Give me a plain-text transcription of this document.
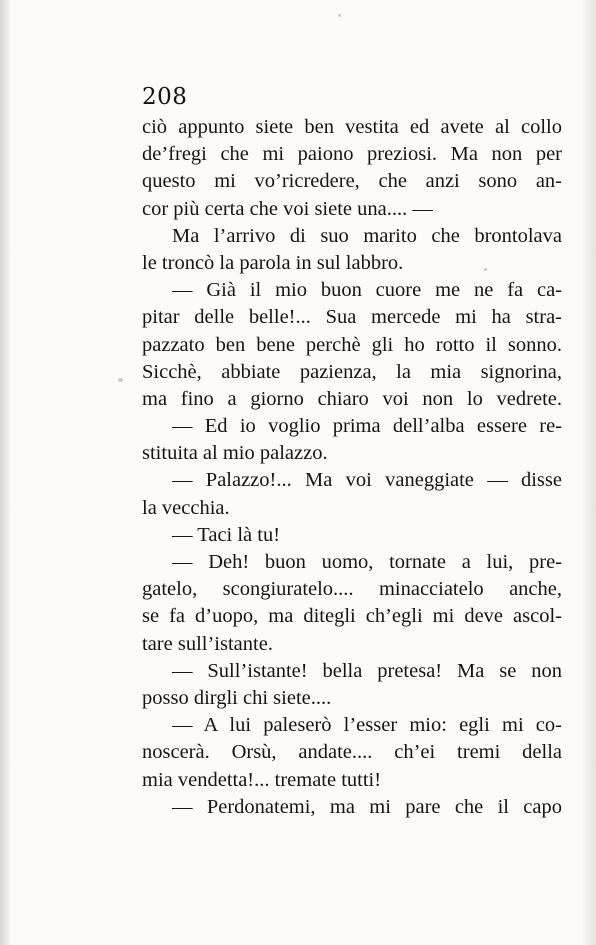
208
ciò appunto siete ben vestita ed avete al collo
de’fregi che mi paiono preziosi. Ma non per
questo mi vo’ricredere, che anzi sono an-
cor più certa che voi siete una.... —
Ma l’arrivo di suo marito che brontolava
le troncò la parola in sul labbro.
— Già il mio buon cuore me ne fa ca-
pitar delle belle!... Sua mercede mi ha stra-
pazzato ben bene perchè gli ho rotto il sonno.
Sicchè, abbiate pazienza, la mia signorina,
ma fino a giorno chiaro voi non lo vedrete.
— Ed io voglio prima dell’alba essere re-
stituita al mio palazzo.
— Palazzo!... Ma voi vaneggiate — disse
la vecchia.
— Taci là tu!
— Deh! buon uomo, tornate a lui, pre-
gatelo, scongiuratelo.... minacciatelo anche,
se fa d’uopo, ma ditegli ch’egli mi deve ascol-
tare sull’istante.
— Sull’istante! bella pretesa! Ma se non
posso dirgli chi siete....
— A lui paleserò l’esser mio: egli mi co-
noscerà. Orsù, andate.... ch’ei tremi della
mia vendetta!... tremate tutti!
— Perdonatemi, ma mi pare che il capo
